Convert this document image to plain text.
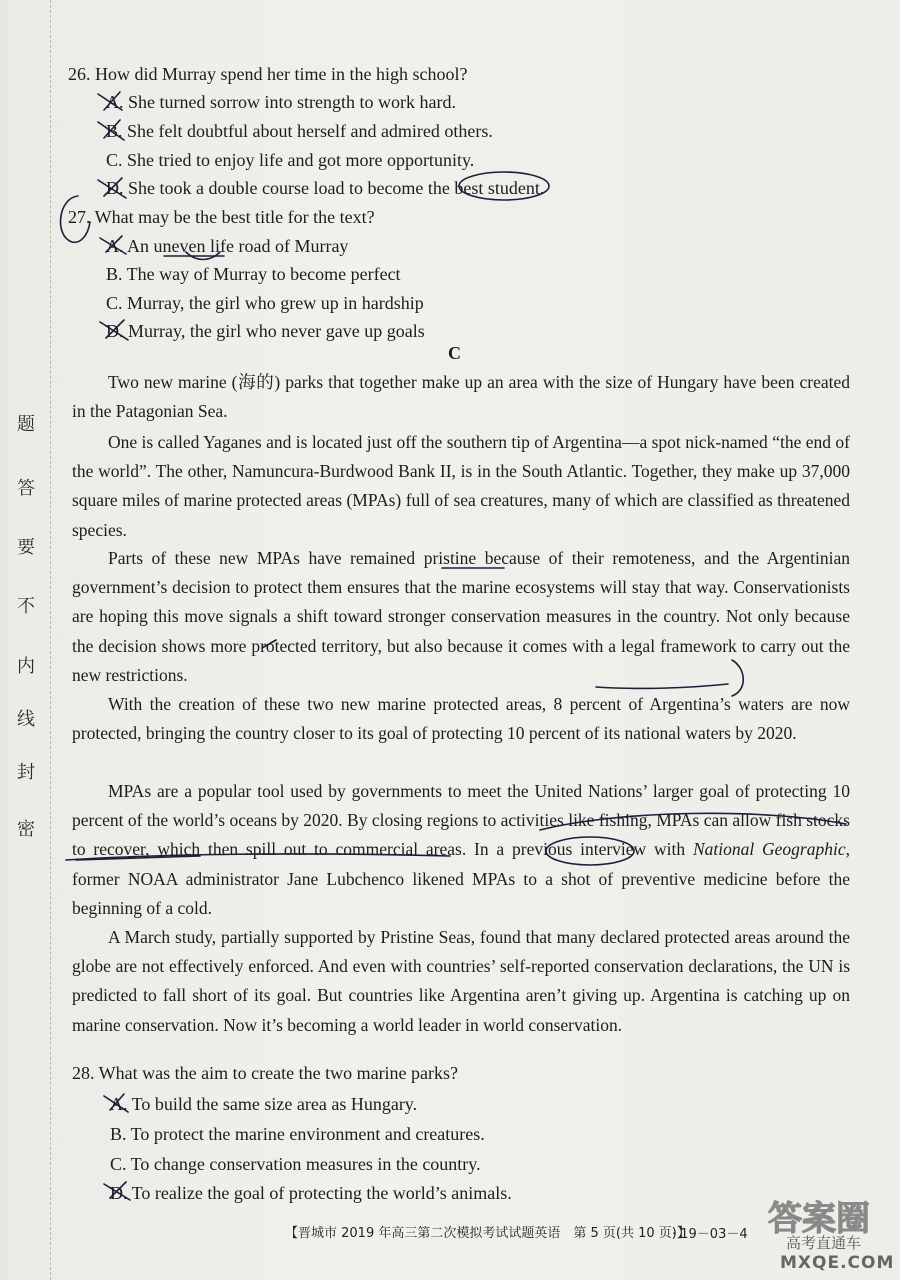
密
封
线
内
不
要
答
题
26. How did Murray spend her time in the high school?
A. She turned sorrow into strength to work hard.
B. She felt doubtful about herself and admired others.
C. She tried to enjoy life and got more opportunity.
D. She took a double course load to become the best student.
27. What may be the best title for the text?
A. An uneven life road of Murray
B. The way of Murray to become perfect
C. Murray, the girl who grew up in hardship
D. Murray, the girl who never gave up goals
C
Two new marine (海的) parks that together make up an area with the size of Hungary have been created in the Patagonian Sea.
One is called Yaganes and is located just off the southern tip of Argentina—a spot nick-named “the end of the world”. The other, Namuncura-Burdwood Bank II, is in the South Atlantic. Together, they make up 37,000 square miles of marine protected areas (MPAs) full of sea creatures, many of which are classified as threatened species.
Parts of these new MPAs have remained pristine because of their remoteness, and the Argentinian government’s decision to protect them ensures that the marine ecosystems will stay that way. Conservationists are hoping this move signals a shift toward stronger conservation measures in the country. Not only because the decision shows more protected territory, but also because it comes with a legal framework to carry out the new restrictions.
With the creation of these two new marine protected areas, 8 percent of Argentina’s waters are now protected, bringing the country closer to its goal of protecting 10 percent of its national waters by 2020.
MPAs are a popular tool used by governments to meet the United Nations’ larger goal of protecting 10 percent of the world’s oceans by 2020. By closing regions to activities like fishing, MPAs can allow fish stocks to recover, which then spill out to commercial areas. In a previous interview with National Geographic, former NOAA administrator Jane Lubchenco likened MPAs to a shot of preventive medicine before the beginning of a cold.
A March study, partially supported by Pristine Seas, found that many declared protected areas around the globe are not effectively enforced. And even with countries’ self-reported conservation declarations, the UN is predicted to fall short of its goal. But countries like Argentina aren’t giving up. Argentina is catching up on marine conservation. Now it’s becoming a world leader in world conservation.
28. What was the aim to create the two marine parks?
A. To build the same size area as Hungary.
B. To protect the marine environment and creatures.
C. To change conservation measures in the country.
D. To realize the goal of protecting the world’s animals.
【晋城市 2019 年高三第二次模拟考试试题英语　第 5 页(共 10 页)】
· 19－03－4 答案圈
高考直通车
MXQE.COM
